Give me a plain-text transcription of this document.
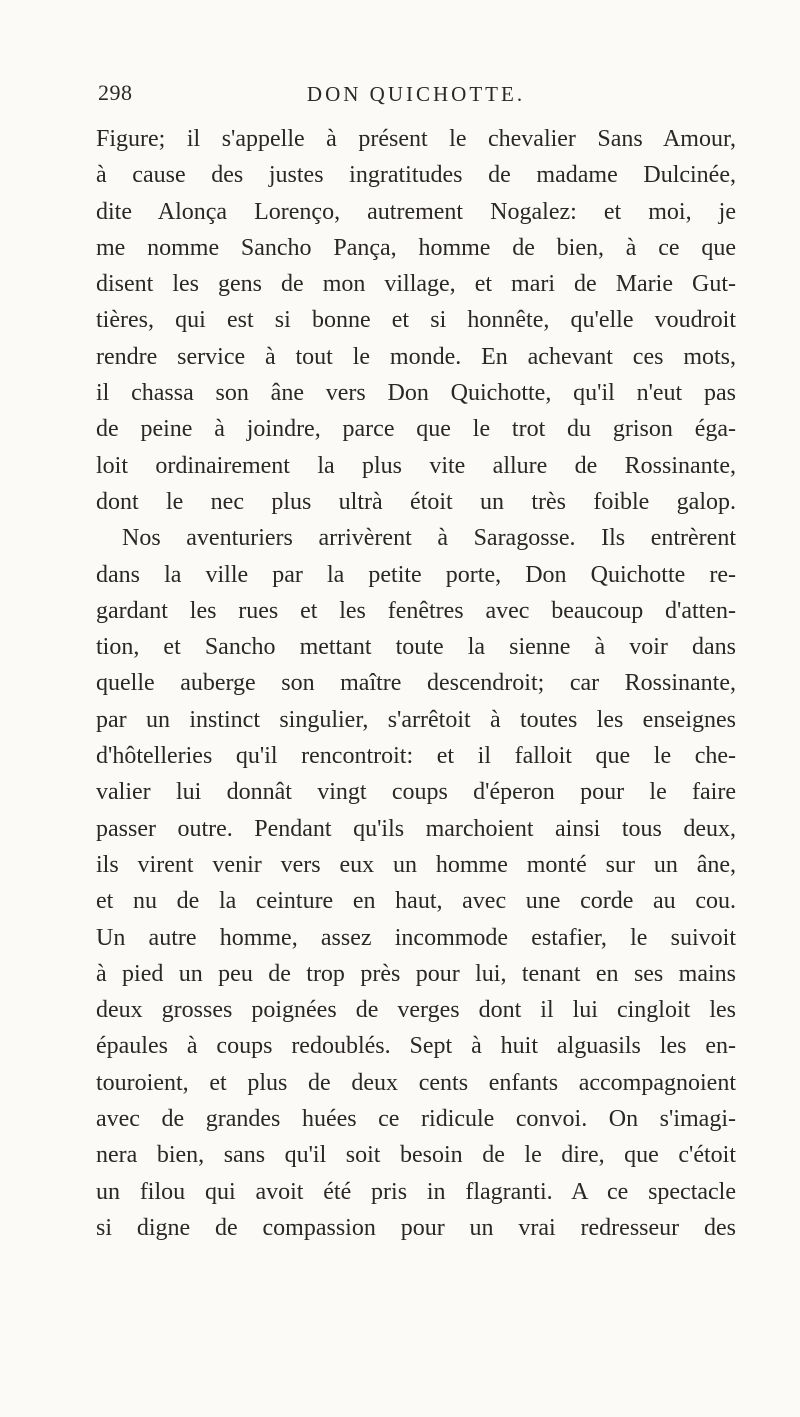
298	DON QUICHOTTE.
Figure; il s'appelle à présent le chevalier Sans Amour,
à cause des justes ingratitudes de madame Dulcinée,
dite Alonça Lorenço, autrement Nogalez: et moi, je
me nomme Sancho Pança, homme de bien, à ce que
disent les gens de mon village, et mari de Marie Gut-
tières, qui est si bonne et si honnête, qu'elle voudroit
rendre service à tout le monde. En achevant ces mots,
il chassa son âne vers Don Quichotte, qu'il n'eut pas
de peine à joindre, parce que le trot du grison éga-
loit ordinairement la plus vite allure de Rossinante,
dont le nec plus ultrà étoit un très foible galop.
Nos aventuriers arrivèrent à Saragosse. Ils entrèrent
dans la ville par la petite porte, Don Quichotte re-
gardant les rues et les fenêtres avec beaucoup d'atten-
tion, et Sancho mettant toute la sienne à voir dans
quelle auberge son maître descendroit; car Rossinante,
par un instinct singulier, s'arrêtoit à toutes les enseignes
d'hôtelleries qu'il rencontroit: et il falloit que le che-
valier lui donnât vingt coups d'éperon pour le faire
passer outre. Pendant qu'ils marchoient ainsi tous deux,
ils virent venir vers eux un homme monté sur un âne,
et nu de la ceinture en haut, avec une corde au cou.
Un autre homme, assez incommode estafier, le suivoit
à pied un peu de trop près pour lui, tenant en ses mains
deux grosses poignées de verges dont il lui cingloit les
épaules à coups redoublés. Sept à huit alguasils les en-
touroient, et plus de deux cents enfants accompagnoient
avec de grandes huées ce ridicule convoi. On s'imagi-
nera bien, sans qu'il soit besoin de le dire, que c'étoit
un filou qui avoit été pris in flagranti. A ce spectacle
si digne de compassion pour un vrai redresseur des
